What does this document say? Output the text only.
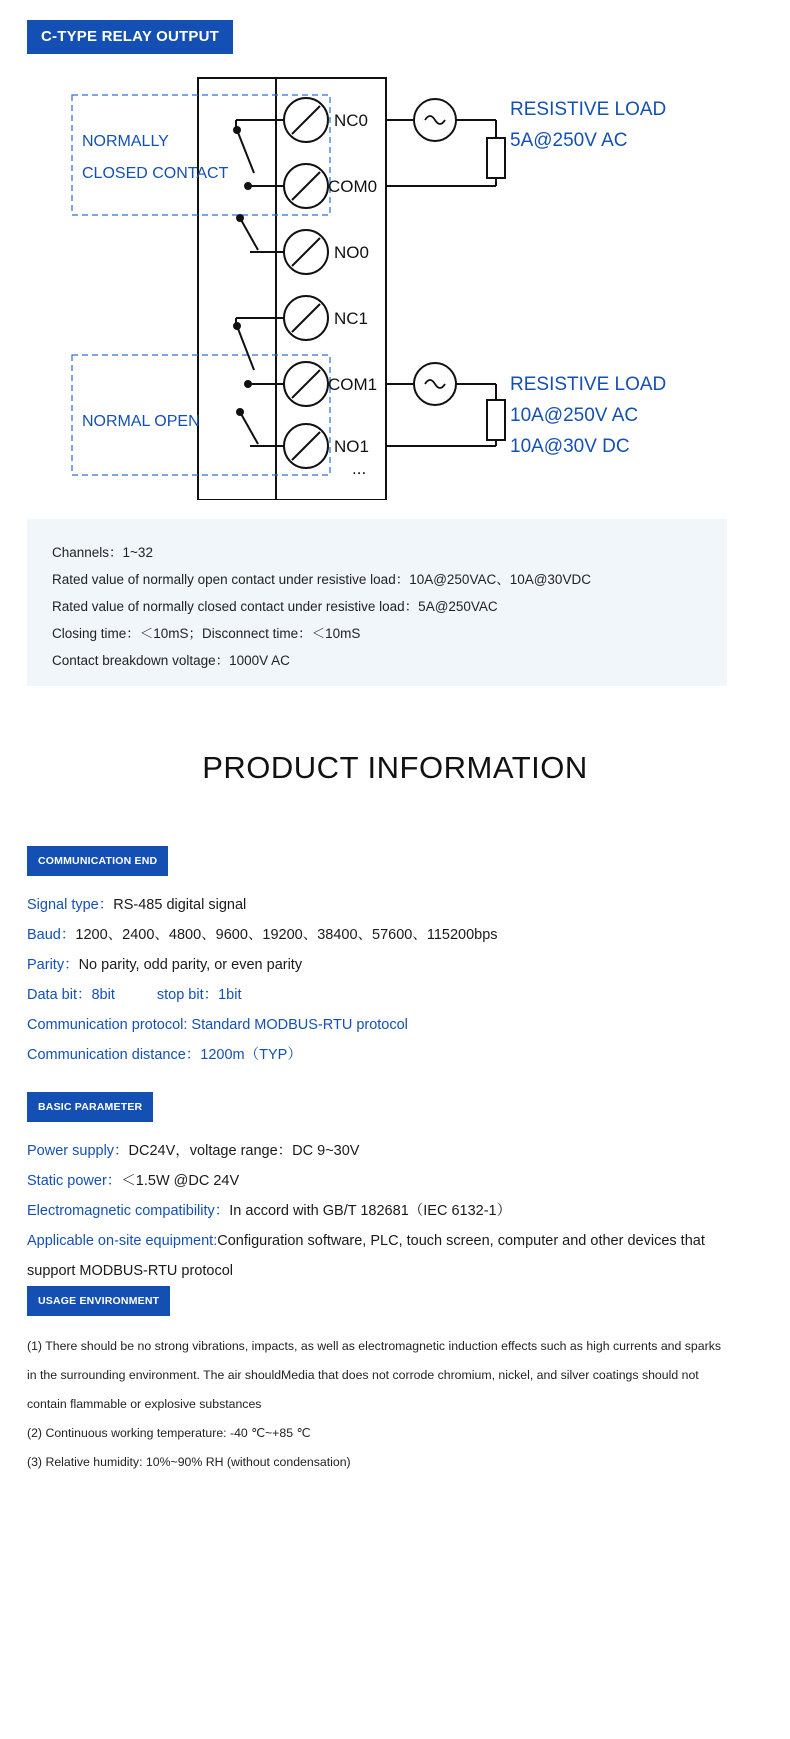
C-TYPE RELAY OUTPUT
NC0
COM0
NO0
NC1
COM1
NO1
...
NORMALLY
CLOSED CONTACT
NORMAL OPEN
RESISTIVE LOAD
5A@250V AC
RESISTIVE LOAD
10A@250V AC
10A@30V DC
Channels：1~32
Rated value of normally open contact under resistive load：10A@250VAC、10A@30VDC
Rated value of normally closed contact under resistive load：5A@250VAC
Closing time：＜10mS；Disconnect time：＜10mS
Contact breakdown voltage：1000V AC
PRODUCT INFORMATION
COMMUNICATION END
Signal type：RS-485 digital signal
Baud：1200、2400、4800、9600、19200、38400、57600、115200bps
Parity：No parity, odd parity, or even parity
Data bit：8bit	stop bit：1bit
Communication protocol: Standard MODBUS-RTU protocol
Communication distance：1200m（TYP）
BASIC PARAMETER
Power supply：DC24V，voltage range：DC 9~30V
Static power：＜1.5W @DC 24V
Electromagnetic compatibility：In accord with GB/T 182681（IEC 6132-1）
Applicable on-site equipment:Configuration software, PLC, touch screen, computer and other devices that support MODBUS-RTU protocol
USAGE ENVIRONMENT
(1) There should be no strong vibrations, impacts, as well as electromagnetic induction effects such as high currents and sparks in the surrounding environment. The air shouldMedia that does not corrode chromium, nickel, and silver coatings should not contain flammable or explosive substances
(2) Continuous working temperature: -40 ℃~+85 ℃
(3) Relative humidity: 10%~90% RH (without condensation)
